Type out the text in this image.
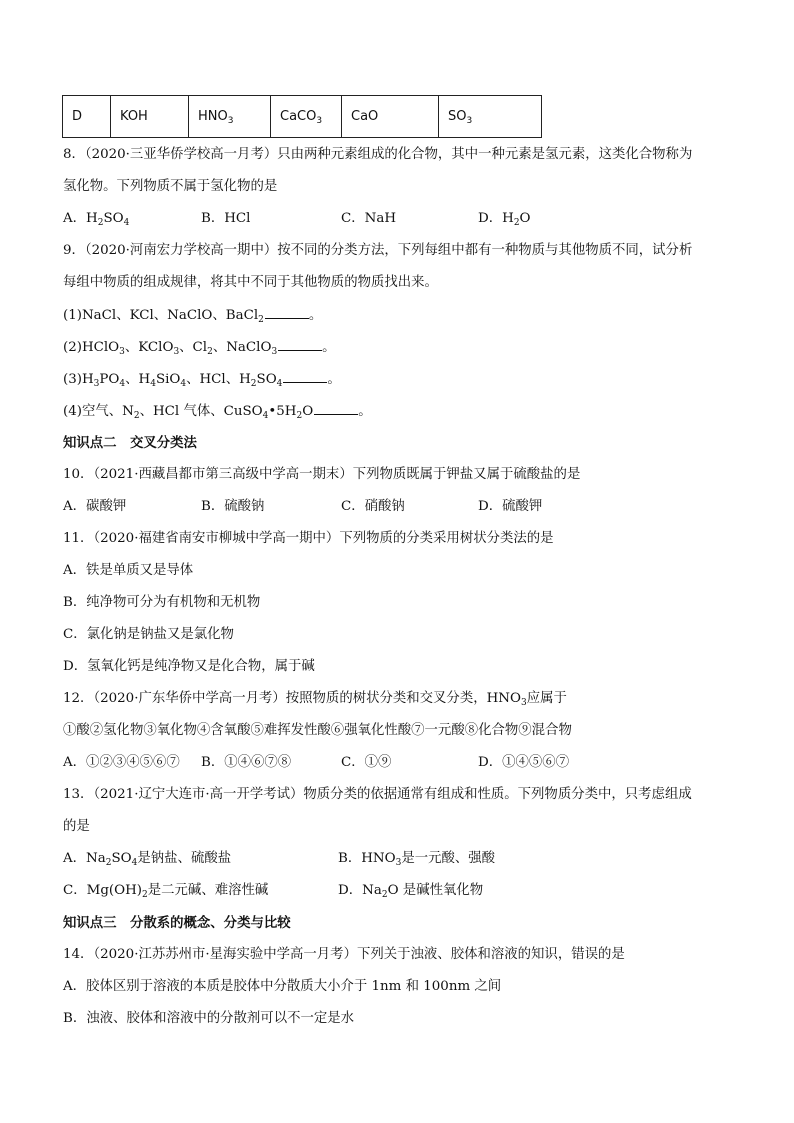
D	KOH	$HNO_3$	CaCO$_3$	CaO	$SO_3$
8．（2020·三亚华侨学校高一月考）只由两种元素组成的化合物，其中一种元素是氢元素，这类化合物称为
氢化物。下列物质不属于氢化物的是
A．$H_2SO_4$	B．HCl	C．NaH	D．$H_2O$
9．（2020·河南宏力学校高一期中）按不同的分类方法，下列每组中都有一种物质与其他物质不同，试分析
每组中物质的组成规律，将其中不同于其他物质的物质找出来。
(1)NaCl、KCl、NaClO、BaCl$_2$	。
(2)HClO$_3$、KClO$_3$、$Cl_2$、NaClO$_3$	。
$(3)H_3PO_4$、$H_4SiO_4$、HCl、$H_2SO_4$	。
(4)空气、$N_2$、HCl 气体、$CuSO_4•5H_2O$	。
知识点二　交叉分类法
10．（2021·西藏昌都市第三高级中学高一期末）下列物质既属于钾盐又属于硫酸盐的是
A．碳酸钾	B．硫酸钠	C．硝酸钠	D．硫酸钾
11．（2020·福建省南安市柳城中学高一期中）下列物质的分类采用树状分类法的是
A．铁是单质又是导体
B．纯净物可分为有机物和无机物
C．氯化钠是钠盐又是氯化物
D．氢氧化钙是纯净物又是化合物，属于碱
12．（2020·广东华侨中学高一月考）按照物质的树状分类和交叉分类，$HNO_3$应属于
①酸②氢化物③氧化物④含氧酸⑤难挥发性酸⑥强氧化性酸⑦一元酸⑧化合物⑨混合物
A．①②③④⑤⑥⑦ B．①④⑥⑦⑧	C．①⑨	D．①④⑤⑥⑦
13．（2021·辽宁大连市·高一开学考试）物质分类的依据通常有组成和性质。下列物质分类中，只考虑组成
的是
A．$Na_2SO_4$是钠盐、硫酸盐	B．$HNO_3$是一元酸、强酸
C．$Mg(OH)_2$是二元碱、难溶性碱	D．$Na_2O$ 是碱性氧化物
知识点三　分散系的概念、分类与比较
14．（2020·江苏苏州市·星海实验中学高一月考）下列关于浊液、胶体和溶液的知识，错误的是
A．胶体区别于溶液的本质是胶体中分散质大小介于 1nm 和 100nm 之间
B．浊液、胶体和溶液中的分散剂可以不一定是水
